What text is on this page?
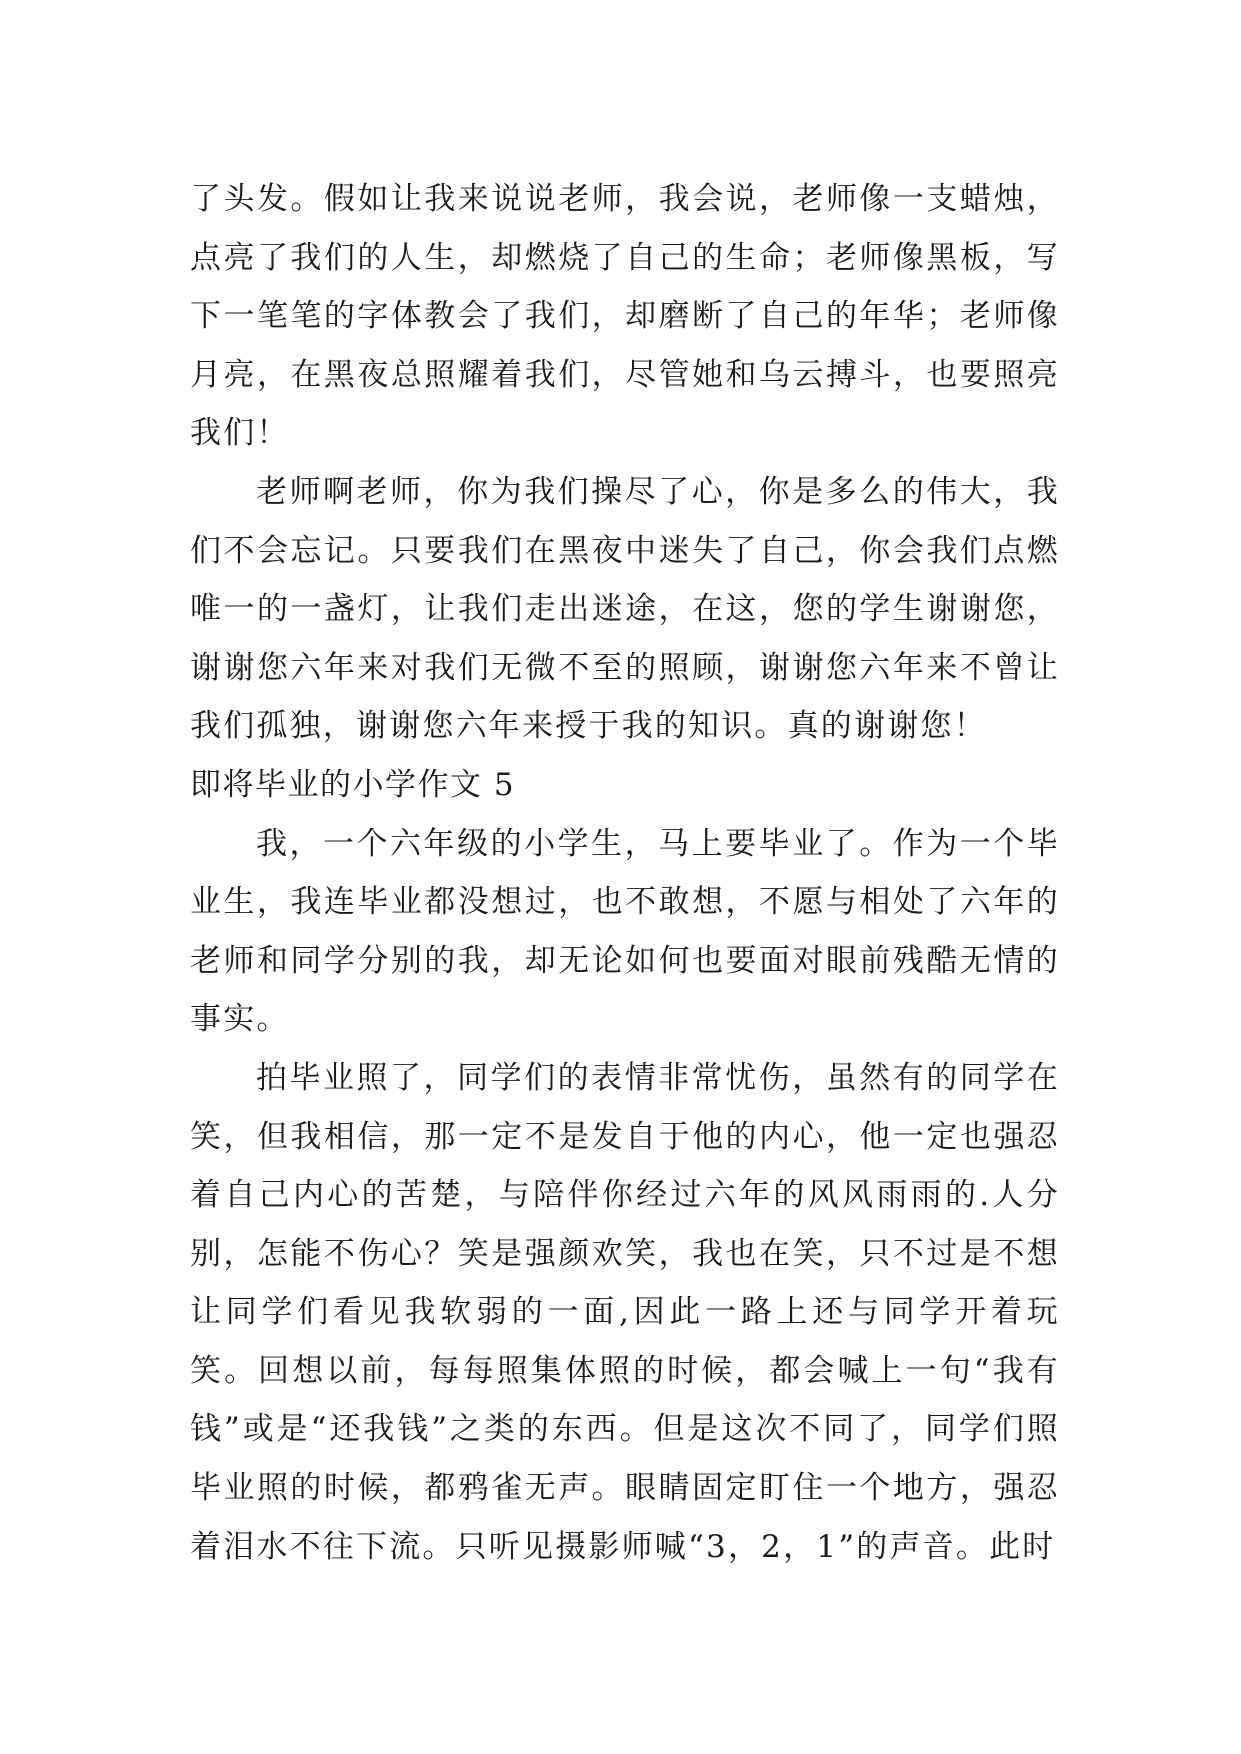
了头发。假如让我来说说老师，我会说，老师像一支蜡烛，点亮了我们的人生，却燃烧了自己的生命；老师像黑板，写下一笔笔的字体教会了我们，却磨断了自己的年华；老师像月亮，在黑夜总照耀着我们，尽管她和乌云搏斗，也要照亮我们！

老师啊老师，你为我们操尽了心，你是多么的伟大，我们不会忘记。只要我们在黑夜中迷失了自己，你会我们点燃唯一的一盏灯，让我们走出迷途，在这，您的学生谢谢您，谢谢您六年来对我们无微不至的照顾，谢谢您六年来不曾让我们孤独，谢谢您六年来授于我的知识。真的谢谢您！

即将毕业的小学作文 5

我，一个六年级的小学生，马上要毕业了。作为一个毕业生，我连毕业都没想过，也不敢想，不愿与相处了六年的老师和同学分别的我，却无论如何也要面对眼前残酷无情的事实。

拍毕业照了，同学们的表情非常忧伤，虽然有的同学在笑，但我相信，那一定不是发自于他的内心，他一定也强忍着自己内心的苦楚，与陪伴你经过六年的风风雨雨的.人分别，怎能不伤心？笑是强颜欢笑，我也在笑，只不过是不想让同学们看见我软弱的一面,因此一路上还与同学开着玩笑。回想以前，每每照集体照的时候，都会喊上一句“我有钱”或是“还我钱”之类的东西。但是这次不同了，同学们照毕业照的时候，都鸦雀无声。眼睛固定盯住一个地方，强忍着泪水不往下流。只听见摄影师喊“3，2，1”的声音。此时
